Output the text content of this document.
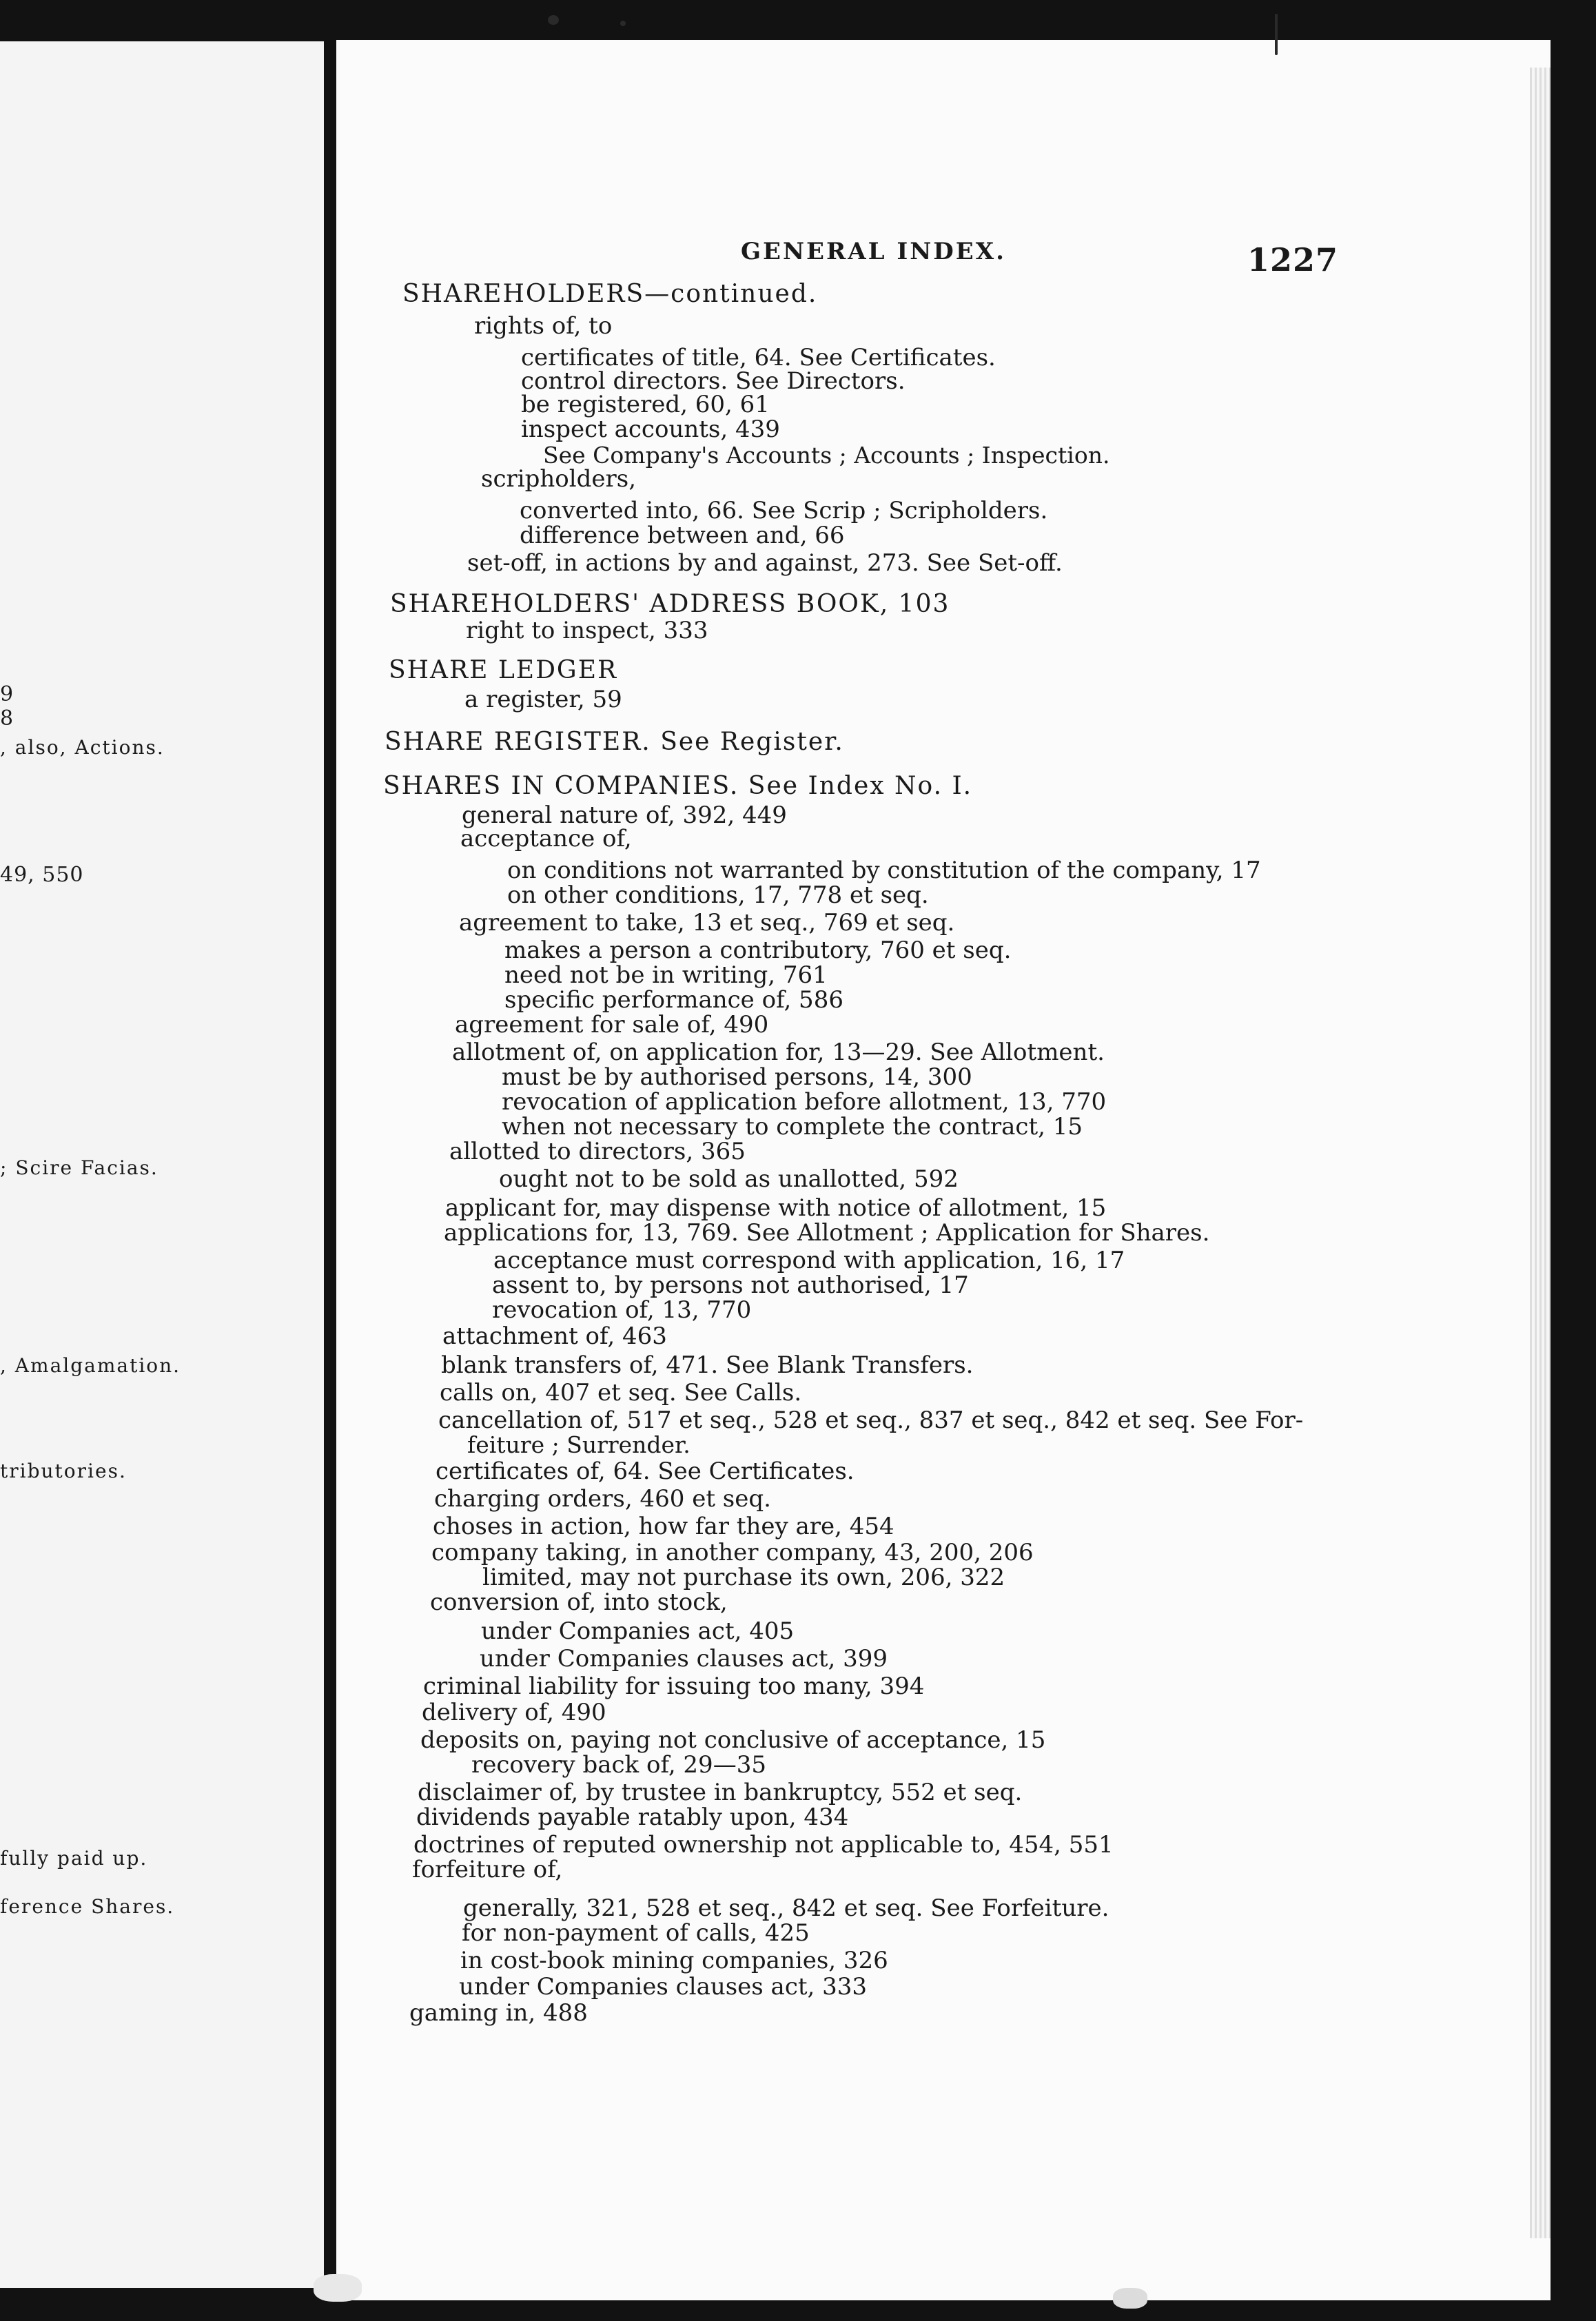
9
8
, also, Actions.
49, 550
; Scire Facias.
, Amalgamation.
tributories.
fully paid up.
ference Shares.
GENERAL INDEX.	1227
SHAREHOLDERS—continued.
rights of, to
certificates of title, 64. See Certificates.
control directors. See Directors.
be registered, 60, 61
inspect accounts, 439
See Company's Accounts ; Accounts ; Inspection.
scripholders,
converted into, 66. See Scrip ; Scripholders.
difference between and, 66
set-off, in actions by and against, 273. See Set-off.
SHAREHOLDERS' ADDRESS BOOK, 103
right to inspect, 333
SHARE LEDGER
a register, 59
SHARE REGISTER. See Register.
SHARES IN COMPANIES. See Index No. I.
general nature of, 392, 449
acceptance of,
on conditions not warranted by constitution of the company, 17
on other conditions, 17, 778 et seq.
agreement to take, 13 et seq., 769 et seq.
makes a person a contributory, 760 et seq.
need not be in writing, 761
specific performance of, 586
agreement for sale of, 490
allotment of, on application for, 13—29. See Allotment.
must be by authorised persons, 14, 300
revocation of application before allotment, 13, 770
when not necessary to complete the contract, 15
allotted to directors, 365
ought not to be sold as unallotted, 592
applicant for, may dispense with notice of allotment, 15
applications for, 13, 769. See Allotment ; Application for Shares.
acceptance must correspond with application, 16, 17
assent to, by persons not authorised, 17
revocation of, 13, 770
attachment of, 463
blank transfers of, 471. See Blank Transfers.
calls on, 407 et seq. See Calls.
cancellation of, 517 et seq., 528 et seq., 837 et seq., 842 et seq. See For-
feiture ; Surrender.
certificates of, 64. See Certificates.
charging orders, 460 et seq.
choses in action, how far they are, 454
company taking, in another company, 43, 200, 206
limited, may not purchase its own, 206, 322
conversion of, into stock,
under Companies act, 405
under Companies clauses act, 399
criminal liability for issuing too many, 394
delivery of, 490
deposits on, paying not conclusive of acceptance, 15
recovery back of, 29—35
disclaimer of, by trustee in bankruptcy, 552 et seq.
dividends payable ratably upon, 434
doctrines of reputed ownership not applicable to, 454, 551
forfeiture of,
generally, 321, 528 et seq., 842 et seq. See Forfeiture.
for non-payment of calls, 425
in cost-book mining companies, 326
under Companies clauses act, 333
gaming in, 488
